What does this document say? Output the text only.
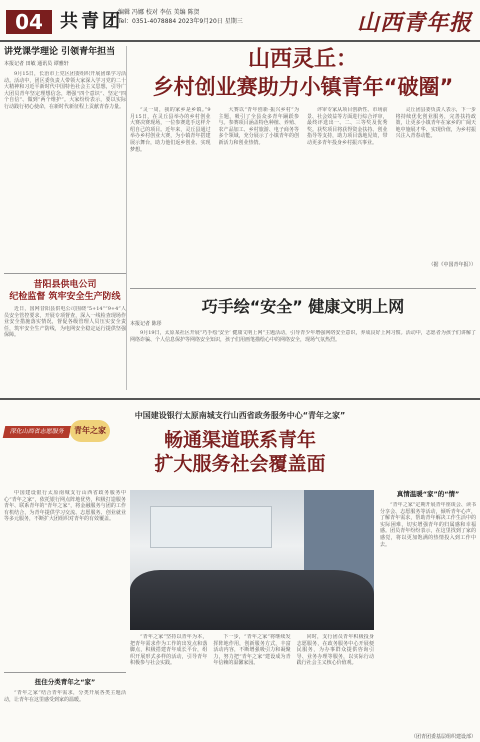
04 共青团
编辑 冯娜 校对 李伍 美编 陈贺
Tel：0351-4078884 2023年9月20日 星期三	山西青年报

讲党课学理论 引领青年担当

本报记者 田敏 通讯员 谭雅轩

9月15日，长治市上党区团委组织开展团课学习活动。活动中，团区委负责人带领大家深入学习党的二十大精神和习近平新时代中国特色社会主义思想，引导广大团员青年坚定理想信念，增强“四个意识”、坚定“四个自信”、做到“两个维护”。大家纷纷表示，要以实际行动践行初心使命，在新时代新征程上贡献青春力量。

昔阳县供电公司
纪检监督 筑牢安全生产防线

近日，国网昔阳县供电公司围绕“5+14”“9+4”人员安全管控要求，开展专项督查，深入一线检查现场作业安全措施落实情况，督促各级管理人员压实安全责任，筑牢安全生产防线，为电网安全稳定运行提供坚强保障。

山西灵丘：

乡村创业赛助力小镇青年“破圈”

“灵一周，我的家乡是乡镇。”9月15日，在灵丘县举办的乡村创业大赛决赛现场，一位参赛选手这样介绍自己的项目。近年来，灵丘县通过举办乡村创业大赛，为小镇青年搭建展示舞台，助力他们返乡创业、实现梦想。

大赛以“青年创新·振兴乡村”为主题，吸引了全县众多青年踊跃参与。参赛项目涵盖特色种植、养殖、农产品加工、乡村旅游、电子商务等多个领域，充分展示了小镇青年的创新活力和创业热情。

评审专家从项目创新性、市场前景、社会效益等方面进行综合评审，最终评选出一、二、三等奖及优秀奖。获奖项目将获得资金扶持、创业指导等支持，助力项目落地见效，带动更多青年投身乡村振兴事业。

灵丘团县委负责人表示，下一步将持续优化创业服务，完善扶持政策，让更多小镇青年在家乡的广阔天地中施展才华、实现价值，为乡村振兴注入青春动能。

（据《中国青年报》）

巧手绘“安全” 健康文明上网

本报记者 陈彤

9月19日，太原某社区开展“巧手绘‘安全’ 健康文明上网”主题活动，引导青少年增强网络安全意识，养成良好上网习惯。活动中，志愿者为孩子们讲解了网络诈骗、个人信息保护等网络安全知识，孩子们用画笔描绘心中的网络安全，现场气氛热烈。

深化山西省志愿服务	青年之家
中国建设银行太原南城支行山西省政务服务中心“青年之家”

畅通渠道联系青年

扩大服务社会覆盖面

中国建设银行太原南城支行山西省政务服务中心“青年之家”，依托银行网点阵地优势，积极打造服务青年、联系青年的“青年之家”，将金融服务与团的工作有机结合，为青年提供学习交流、志愿服务、创业就业等多元服务，不断扩大团组织对青年的有效覆盖。

扭住分类青年之“家”

“青年之家”结合青年需求，分类开展各类主题活动，让青年在这里感受到家的温暖。

“青年之家”坚持以青年为本，把青年需求作为工作的出发点和落脚点，积极搭建青年成长平台，组织开展形式多样的活动，引导青年积极参与社会实践。

下一步，“青年之家”将继续发挥阵地作用，创新服务方式，丰富活动内容，不断增强吸引力和凝聚力，努力把“青年之家”建设成为青年信赖的温馨家园。

同时，支行团员青年积极投身志愿服务，在政务服务中心开展便民服务，为办事群众提供咨询引导、业务办理等服务，以实际行动践行社会主义核心价值观。

真情温暖“家”的“情”

“青年之家”定期开展青年座谈会、读书分享会、志愿服务等活动，倾听青年心声，了解青年需求，帮助青年解决工作生活中的实际困难，切实增强青年的归属感和幸福感。团员青年纷纷表示，在这里找到了家的感觉，将以更加饱满的热情投入到工作中去。

（团青团委基层组织建设部）
